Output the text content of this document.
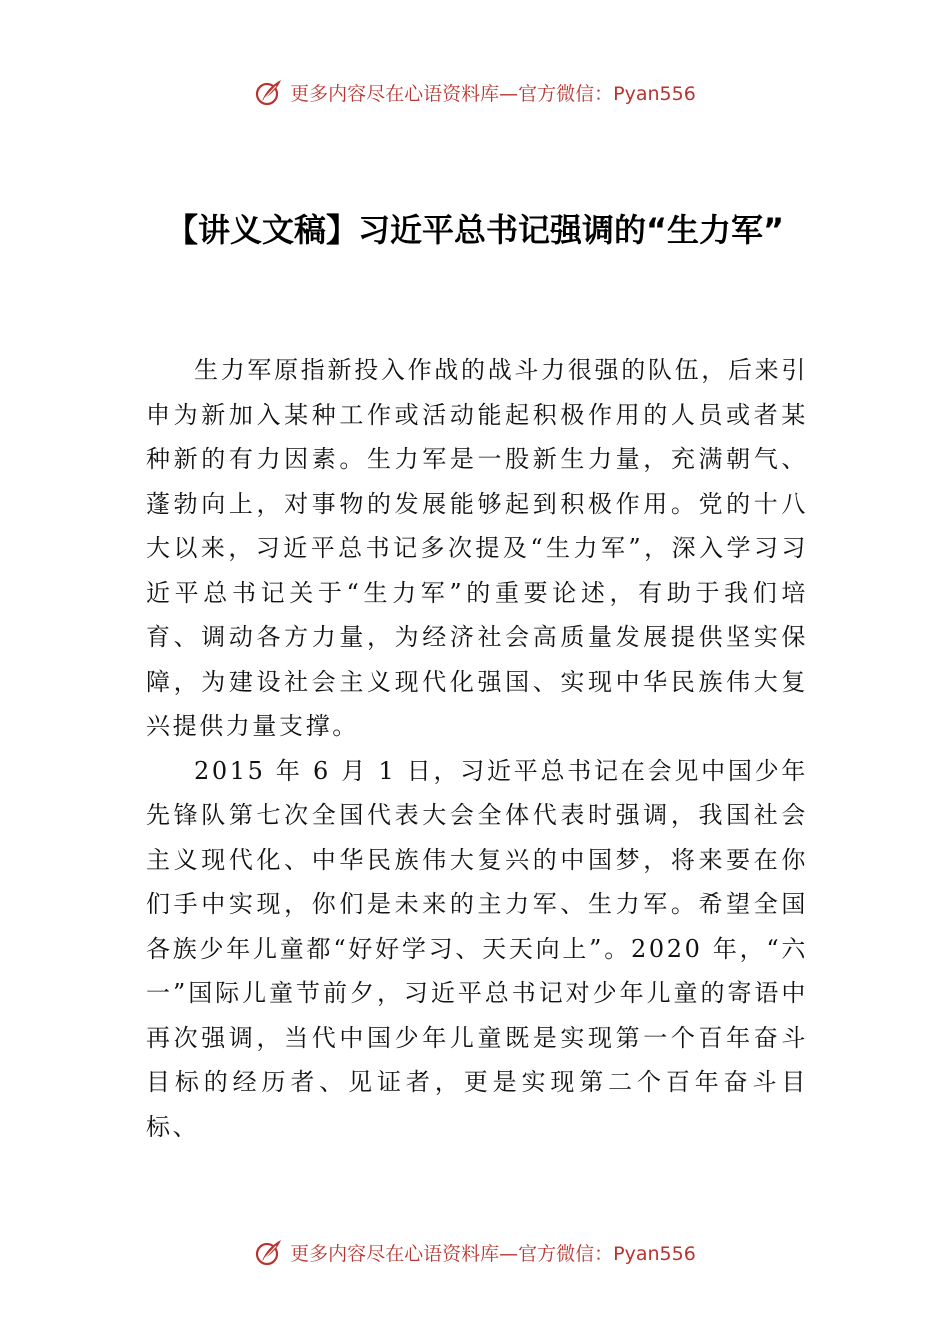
更多内容尽在心语资料库—官方微信：Pyan556
【讲义文稿】习近平总书记强调的“生力军”

生力军原指新投入作战的战斗力很强的队伍，后来引申为新加入某种工作或活动能起积极作用的人员或者某种新的有力因素。生力军是一股新生力量，充满朝气、蓬勃向上，对事物的发展能够起到积极作用。党的十八大以来，习近平总书记多次提及“生力军”，深入学习习近平总书记关于“生力军”的重要论述，有助于我们培育、调动各方力量，为经济社会高质量发展提供坚实保障，为建设社会主义现代化强国、实现中华民族伟大复兴提供力量支撑。

2015 年 6 月 1 日，习近平总书记在会见中国少年先锋队第七次全国代表大会全体代表时强调，我国社会主义现代化、中华民族伟大复兴的中国梦，将来要在你们手中实现，你们是未来的主力军、生力军。希望全国各族少年儿童都“好好学习、天天向上”。2020 年，“六一”国际儿童节前夕，习近平总书记对少年儿童的寄语中再次强调，当代中国少年儿童既是实现第一个百年奋斗目标的经历者、见证者，更是实现第二个百年奋斗目标、

更多内容尽在心语资料库—官方微信：Pyan556
